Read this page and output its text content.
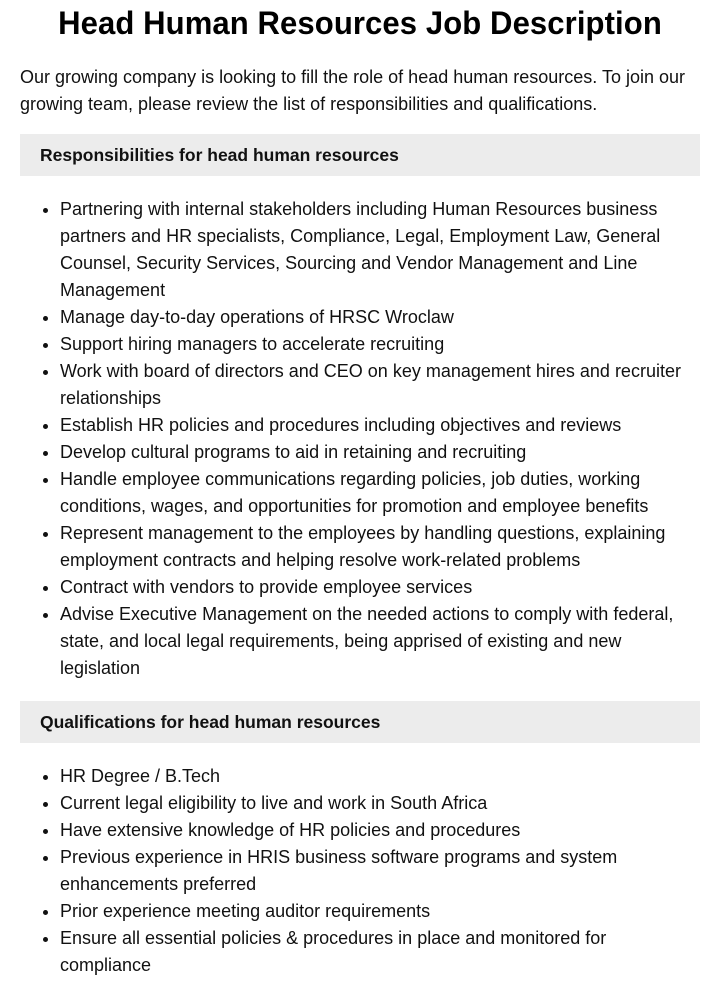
Head Human Resources Job Description

Our growing company is looking to fill the role of head human resources. To join our growing team, please review the list of responsibilities and qualifications.

Responsibilities for head human resources
• Partnering with internal stakeholders including Human Resources business partners and HR specialists, Compliance, Legal, Employment Law, General Counsel, Security Services, Sourcing and Vendor Management and Line Management
• Manage day-to-day operations of HRSC Wroclaw
• Support hiring managers to accelerate recruiting
• Work with board of directors and CEO on key management hires and recruiter relationships
• Establish HR policies and procedures including objectives and reviews
• Develop cultural programs to aid in retaining and recruiting
• Handle employee communications regarding policies, job duties, working conditions, wages, and opportunities for promotion and employee benefits
• Represent management to the employees by handling questions, explaining employment contracts and helping resolve work-related problems
• Contract with vendors to provide employee services
• Advise Executive Management on the needed actions to comply with federal, state, and local legal requirements, being apprised of existing and new legislation
Qualifications for head human resources
• HR Degree / B.Tech
• Current legal eligibility to live and work in South Africa
• Have extensive knowledge of HR policies and procedures
• Previous experience in HRIS business software programs and system enhancements preferred
• Prior experience meeting auditor requirements
• Ensure all essential policies & procedures in place and monitored for compliance
